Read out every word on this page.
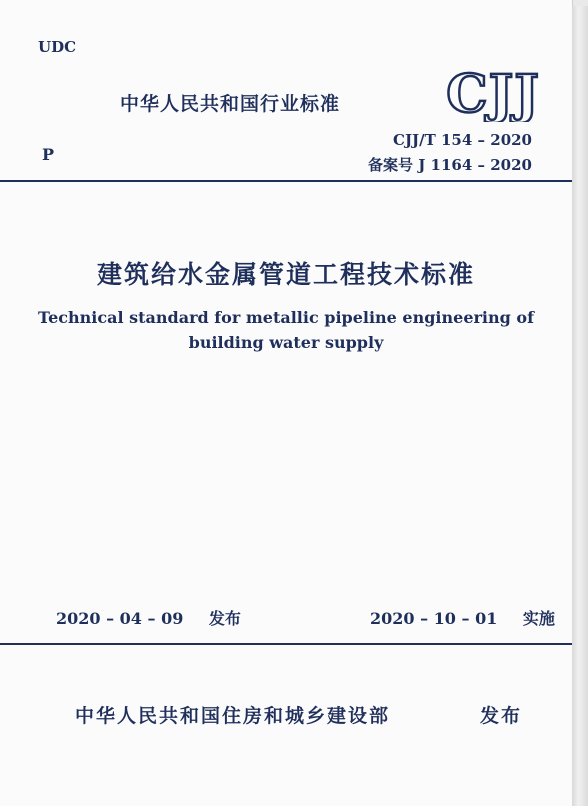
UDC
中华人民共和国行业标准 CJJ
P
CJJ/T 154 – 2020
备案号 J 1164 – 2020
建筑给水金属管道工程技术标准
Technical standard for metallic pipeline engineering of
building water supply
2020 – 04 – 09 发布	2020 – 10 – 01 实施
中华人民共和国住房和城乡建设部	发布
